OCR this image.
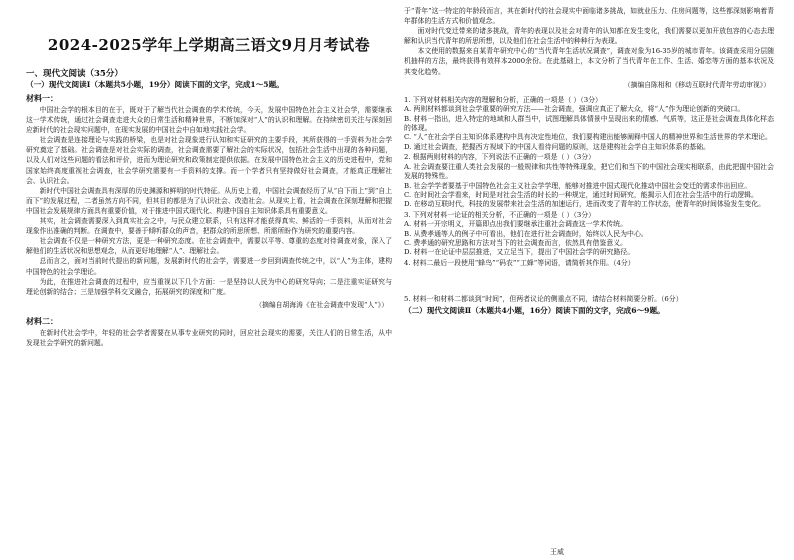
2024-2025学年上学期高三语文9月月考试卷
一、现代文阅读（35分）
（一）现代文阅读Ⅰ（本题共5小题，19分）阅读下面的文字，完成1～5题。
材料一：

中国社会学的根本目的在于，既对于了解当代社会调查的学术传统，今天，发展中国特色社会主义社会学，需要继承这一学术传统，通过社会调查走进大众的日常生活和精神世界，不断加深对“人”的认识和理解。在持续密切关注与深刻回应新时代的社会现实问题中，在现实发展的中国社会中自如地实践社会学。

社会调查是连接理论与实践的桥梁，也是对社会现象进行认知和实证研究的主要手段，其所获得的一手资料为社会学研究奠定了基础。社会调查是对社会实际的调查，社会调查需要了解社会的实际状况，包括社会生活中出现的各种问题，以及人们对这些问题的看法和评价，进而为理论研究和政策制定提供依据。在发展中国特色社会主义的历史进程中，党和国家始终高度重视社会调查，社会学研究需要有一手资料的支撑。而一个学者只有坚持做好社会调查，才能真正理解社会、认识社会。

新时代中国社会调查具有深厚的历史渊源和鲜明的时代特征。从历史上看，中国社会调查经历了从“自下而上”到“自上而下”的发展过程，二者虽然方向不同，但其目的都是为了认识社会、改造社会。从现实上看，社会调查在深刻理解和把握中国社会发展规律方面具有重要价值，对于推进中国式现代化、构建中国自主知识体系具有重要意义。

其实，社会调查需要深入到真实社会之中，与民众建立联系，只有这样才能获得真实、鲜活的一手资料，从而对社会现象作出准确的判断。在调查中，要善于倾听群众的声音，把群众的所思所想、所需所盼作为研究的重要内容。

社会调查不仅是一种研究方法，更是一种研究态度。在社会调查中，需要以平等、尊重的态度对待调查对象，深入了解他们的生活状况和思想观念，从而更好地理解“人”、理解社会。

总而言之，面对当前时代提出的新问题，发展新时代的社会学，需要进一步回到调查传统之中，以“人”为主体，建构中国特色的社会学理论。

为此，在推进社会调查的过程中，应当重视以下几个方面：一是坚持以人民为中心的研究导向；二是注重实证研究与理论创新的结合；三是加强学科交叉融合，拓展研究的深度和广度。

（摘编自胡海涛《在社会调查中发现“人”》）
材料二：

在新时代社会学中，年轻的社会学者需要在从事专业研究的同时，回应社会现实的需要，关注人们的日常生活，从中发现社会学研究的新问题。

于“青年”这一特定的年龄段而言，其在新时代的社会现实中面临诸多挑战，如就业压力、住房问题等，这些都深刻影响着青年群体的生活方式和价值观念。

面对时代变迁带来的诸多挑战，青年的表现以及社会对青年的认知都在发生变化，我们需要以更加开放包容的心态去理解和认识当代青年的所思所想，以及他们在社会生活中的种种行为表现。

本文使用的数据来自某青年研究中心的“当代青年生活状况调查”，调查对象为16-35岁的城市青年。该调查采用分层随机抽样的方法，最终获得有效样本2000余份。在此基础上，本文分析了当代青年在工作、生活、婚恋等方面的基本状况及其变化趋势。

（摘编自陈相和《移动互联时代青年劳动审视》）
1. 下列对材料相关内容的理解和分析，正确的一项是（ ）（3分）
A. 两则材料都谈到社会学重要的研究方法——社会调查，强调应真正了解大众，将“人”作为理论创新的突破口。
B. 材料一指出，进入特定的地域和人群当中，试图理解具体情景中呈现出来的情感、气质等，这正是社会调查具体化样态的体现。
C. “人”在社会学自主知识体系建构中具有决定性地位，我们要构建出能够阐释中国人的精神世界和生活世界的学术理论。
D. 通过社会调查，把握西方视域下的中国人看待问题的原则，这是建构社会学自主知识体系的基础。
2. 根据两则材料的内容，下列说法不正确的一项是（ ）（3分）
A. 社会调查要注重人类社会发展的一般规律和共性等特殊现象，把它们和当下的中国社会现实相联系，由此把握中国社会发展的特殊性。
B. 社会学学者要基于中国特色社会主义社会学学理，能够对推进中国式现代化推动中国社会变迁的需求作出回应。
C. 在时间社会学看来，时间是对社会生活的时长的一种规定，通过时间研究，能揭示人们在社会生活中的行动逻辑。
D. 在移动互联时代，科技的发展带来社会生活的加速运行，进而改变了青年的工作状态，使青年的时间体验发生变化。
3. 下列对材料一论证的相关分析，不正确的一项是（ ）（3分）
A. 材料一开宗明义，开篇即点出我们要继承注重社会调查这一学术传统。
B. 从费孝通等人的例子中可看出，他们在进行社会调查时，始终以人民为中心。
C. 费孝通的研究思路和方法对当下的社会调查而言，依然具有借鉴意义。
D. 材料一在论证中层层推进，又立足当下，提出了中国社会学的研究路径。
4. 材料二最后一段使用“蜂鸟”“码农”“工蜂”等词语，请简析其作用。（4分）
5. 材料一和材料二都谈到“时间”，但两者议论的侧重点不同，请结合材料简要分析。（6分）
（二）现代文阅读Ⅱ（本题共4小题，16分）阅读下面的文字，完成6～9题。
王威
